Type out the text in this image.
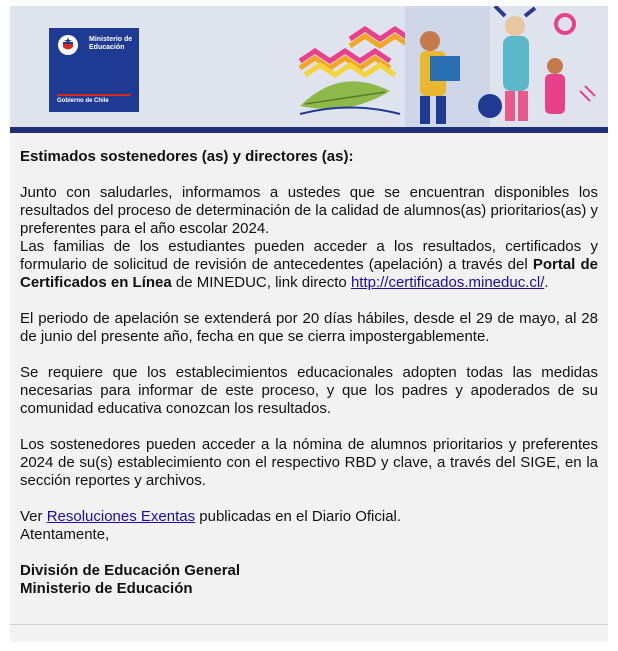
Ministerio de
Educación
Gobierno de Chile

Estimados sostenedores (as) y directores (as):

Junto con saludarles, informamos a ustedes que se encuentran disponibles los resultados del proceso de determinación de la calidad de alumnos(as) prioritarios(as) y preferentes para el año escolar 2024.

Las familias de los estudiantes pueden acceder a los resultados, certificados y formulario de solicitud de revisión de antecedentes (apelación) a través del Portal de Certificados en Línea de MINEDUC, link directo http://certificados.mineduc.cl/.

El periodo de apelación se extenderá por 20 días hábiles, desde el 29 de mayo, al 28 de junio del presente año, fecha en que se cierra impostergablemente.

Se requiere que los establecimientos educacionales adopten todas las medidas necesarias para informar de este proceso, y que los padres y apoderados de su comunidad educativa conozcan los resultados.

Los sostenedores pueden acceder a la nómina de alumnos prioritarios y preferentes 2024 de su(s) establecimiento con el respectivo RBD y clave, a través del SIGE, en la sección reportes y archivos.

Ver Resoluciones Exentas publicadas en el Diario Oficial.

Atentamente,

División de Educación General

Ministerio de Educación
